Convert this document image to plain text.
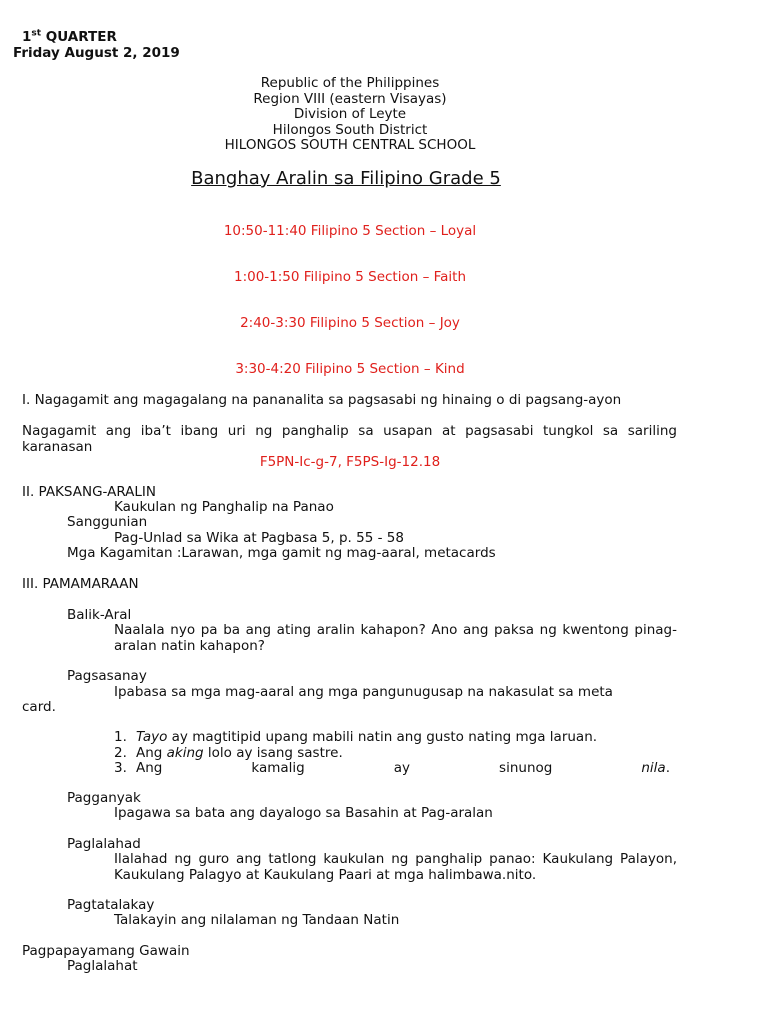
1st QUARTER
Friday August 2, 2019
Republic of the Philippines
Region VIII (eastern Visayas)
Division of Leyte
Hilongos South District
HILONGOS SOUTH CENTRAL SCHOOL
Banghay Aralin sa Filipino Grade 5
10:50-11:40 Filipino 5 Section – Loyal
1:00-1:50 Filipino 5 Section – Faith
2:40-3:30 Filipino 5 Section – Joy
3:30-4:20 Filipino 5 Section – Kind
I. Nagagamit ang magagalang na pananalita sa pagsasabi ng hinaing o di pagsang-ayon
Nagagamit ang iba’t ibang uri ng panghalip sa usapan at pagsasabi tungkol sa sariling karanasan
F5PN-Ic-g-7, F5PS-Ig-12.18
II. PAKSANG-ARALIN
Kaukulan ng Panghalip na Panao
Sanggunian
Pag-Unlad sa Wika at Pagbasa 5, p. 55 - 58
Mga Kagamitan :Larawan, mga gamit ng mag-aaral, metacards
III. PAMAMARAAN
Balik-Aral
Naalala nyo pa ba ang ating aralin kahapon? Ano ang paksa ng kwentong pinag-aralan natin kahapon?
Pagsasanay
Ipabasa sa mga mag-aaral ang mga pangunugusap na nakasulat sa meta
card.
1. Tayo ay magtitipid upang mabili natin ang gusto nating mga laruan.
2. Ang aking lolo ay isang sastre.
3. Ang	kamalig	ay	sinunog	nila.
Pagganyak
Ipagawa sa bata ang dayalogo sa Basahin at Pag-aralan
Paglalahad
Ilalahad ng guro ang tatlong kaukulan ng panghalip panao: Kaukulang Palayon, Kaukulang Palagyo at Kaukulang Paari at mga halimbawa.nito.
Pagtatalakay
Talakayin ang nilalaman ng Tandaan Natin
Pagpapayamang Gawain
Paglalahat
